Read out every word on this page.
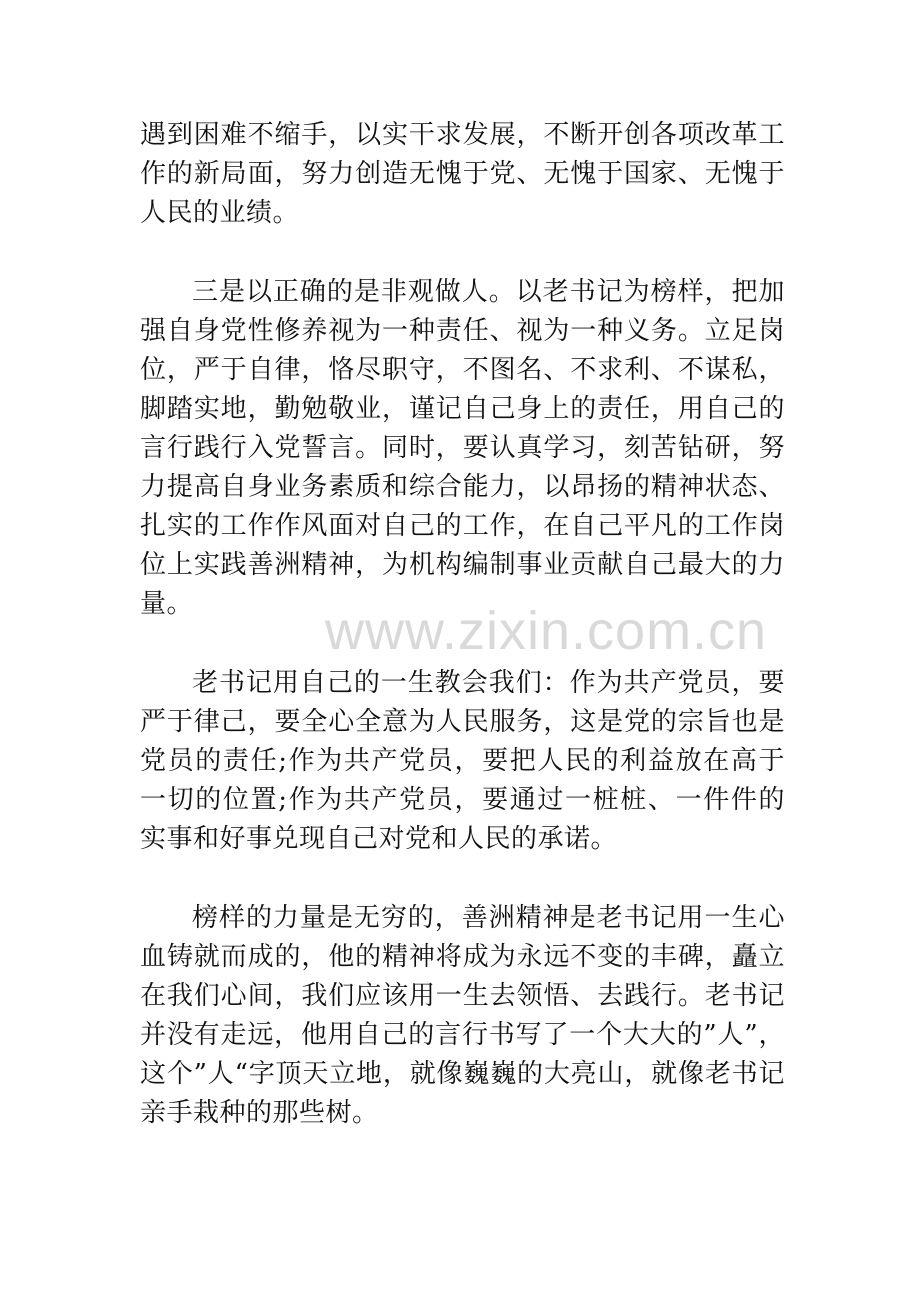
遇到困难不缩手，以实干求发展，不断开创各项改革工作的新局面，努力创造无愧于党、无愧于国家、无愧于人民的业绩。

三是以正确的是非观做人。以老书记为榜样，把加强自身党性修养视为一种责任、视为一种义务。立足岗位，严于自律，恪尽职守，不图名、不求利、不谋私，脚踏实地，勤勉敬业，谨记自己身上的责任，用自己的言行践行入党誓言。同时，要认真学习，刻苦钻研，努力提高自身业务素质和综合能力，以昂扬的精神状态、扎实的工作作风面对自己的工作，在自己平凡的工作岗位上实践善洲精神，为机构编制事业贡献自己最大的力量。

老书记用自己的一生教会我们：作为共产党员，要严于律己，要全心全意为人民服务，这是党的宗旨也是党员的责任;作为共产党员，要把人民的利益放在高于一切的位置;作为共产党员，要通过一桩桩、一件件的实事和好事兑现自己对党和人民的承诺。

榜样的力量是无穷的，善洲精神是老书记用一生心血铸就而成的，他的精神将成为永远不变的丰碑，矗立在我们心间，我们应该用一生去领悟、去践行。老书记并没有走远，他用自己的言行书写了一个大大的”人”，这个”人“字顶天立地，就像巍巍的大亮山，就像老书记亲手栽种的那些树。

www.zixin.com.cn
